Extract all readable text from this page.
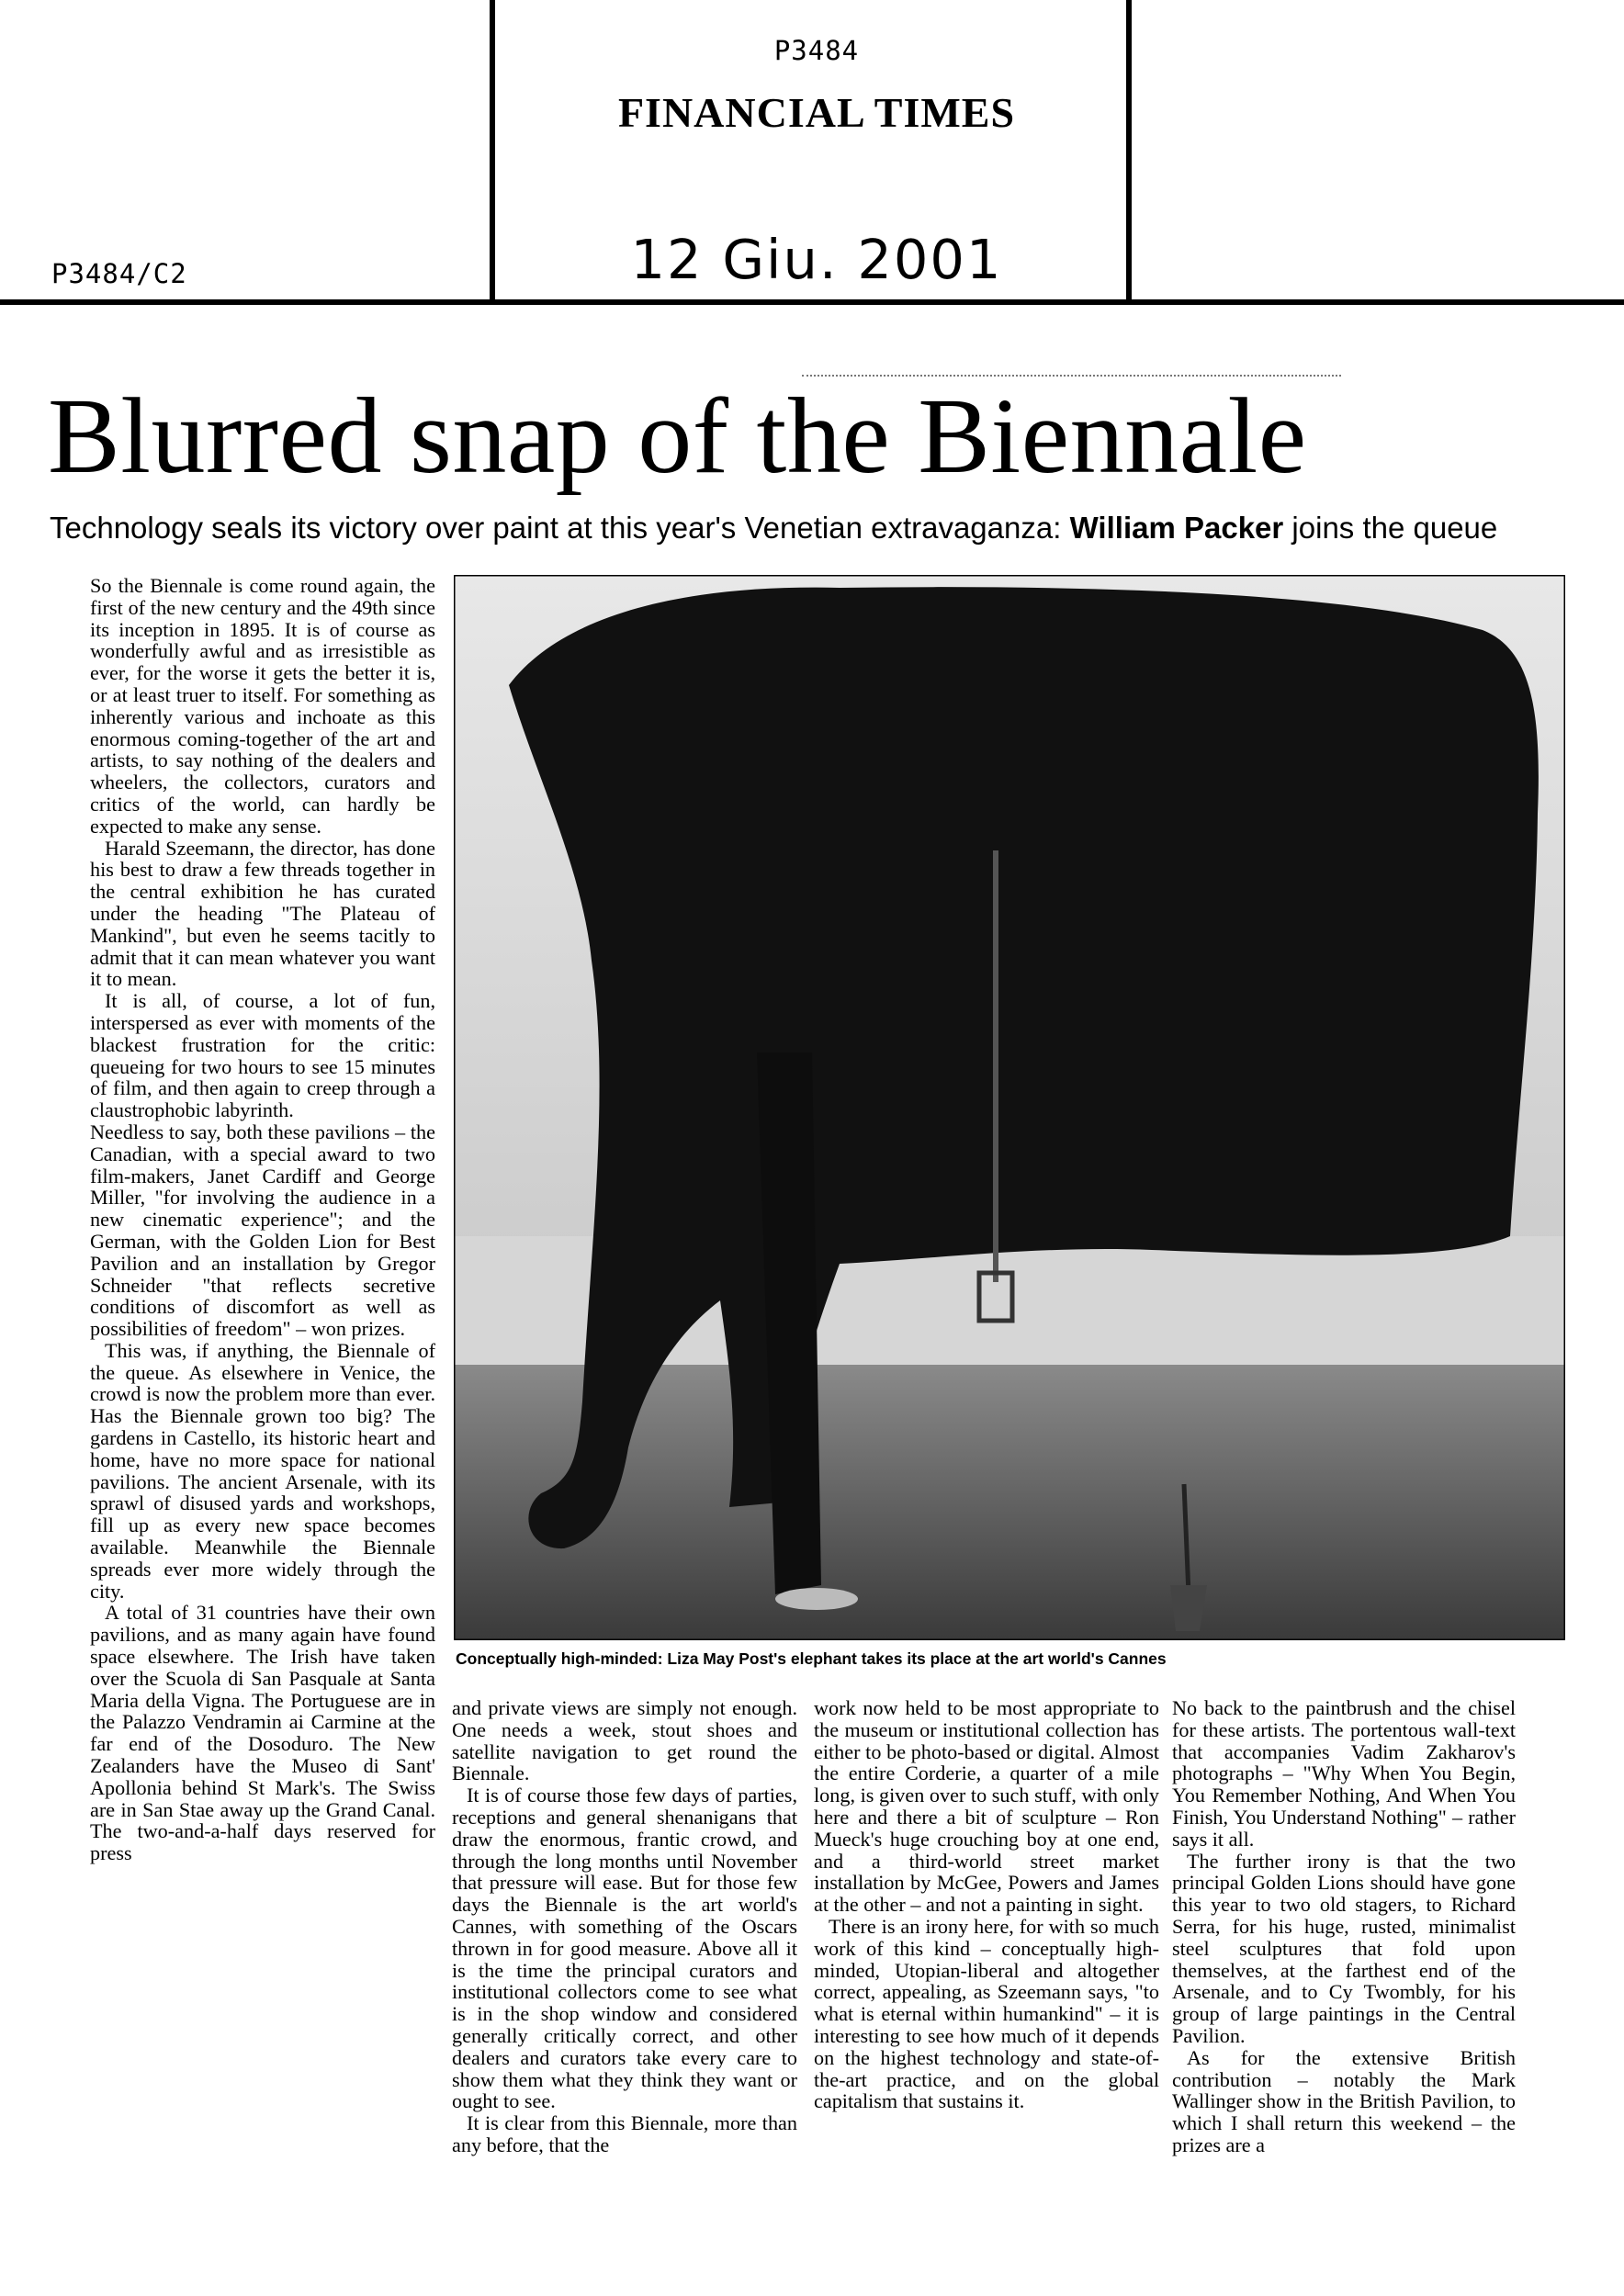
P3484
FINANCIAL TIMES
12 Giu. 2001
P3484/C2
Blurred snap of the Biennale
Technology seals its victory over paint at this year's Venetian extravaganza: William Packer joins the queue

So the Biennale is come round again, the first of the new century and the 49th since its inception in 1895. It is of course as wonderfully awful and as irresistible as ever, for the worse it gets the better it is, or at least truer to itself. For something as inherently various and inchoate as this enormous coming-together of the art and artists, to say nothing of the dealers and wheelers, the collectors, curators and critics of the world, can hardly be expected to make any sense.

Harald Szeemann, the director, has done his best to draw a few threads together in the central exhibition he has curated under the heading "The Plateau of Mankind", but even he seems tacitly to admit that it can mean whatever you want it to mean.

It is all, of course, a lot of fun, interspersed as ever with moments of the blackest frustration for the critic: queueing for two hours to see 15 minutes of film, and then again to creep through a claustrophobic labyrinth.

Needless to say, both these pavilions – the Canadian, with a special award to two film-makers, Janet Cardiff and George Miller, "for involving the audience in a new cinematic experience"; and the German, with the Golden Lion for Best Pavilion and an installation by Gregor Schneider "that reflects secretive conditions of discomfort as well as possibilities of freedom" – won prizes.

This was, if anything, the Biennale of the queue. As elsewhere in Venice, the crowd is now the problem more than ever. Has the Biennale grown too big? The gardens in Castello, its historic heart and home, have no more space for national pavilions. The ancient Arsenale, with its sprawl of disused yards and workshops, fill up as every new space becomes available. Meanwhile the Biennale spreads ever more widely through the city.

A total of 31 countries have their own pavilions, and as many again have found space elsewhere. The Irish have taken over the Scuola di San Pasquale at Santa Maria della Vigna. The Portuguese are in the Palazzo Vendramin ai Carmine at the far end of the Dosoduro. The New Zealanders have the Museo di Sant' Apollonia behind St Mark's. The Swiss are in San Stae away up the Grand Canal. The two-and-a-half days reserved for press

Conceptually high-minded: Liza May Post's elephant takes its place at the art world's Cannes

and private views are simply not enough. One needs a week, stout shoes and satellite navigation to get round the Biennale.

It is of course those few days of parties, receptions and general shenanigans that draw the enormous, frantic crowd, and through the long months until November that pressure will ease. But for those few days the Biennale is the art world's Cannes, with something of the Oscars thrown in for good measure. Above all it is the time the principal curators and institutional collectors come to see what is in the shop window and considered generally critically correct, and other dealers and curators take every care to show them what they think they want or ought to see.

It is clear from this Biennale, more than any before, that the

work now held to be most appropriate to the museum or institutional collection has either to be photo-based or digital. Almost the entire Corderie, a quarter of a mile long, is given over to such stuff, with only here and there a bit of sculpture – Ron Mueck's huge crouching boy at one end, and a third-world street market installation by McGee, Powers and James at the other – and not a painting in sight.

There is an irony here, for with so much work of this kind – conceptually high-minded, Utopian-liberal and altogether correct, appealing, as Szeemann says, "to what is eternal within humankind" – it is interesting to see how much of it depends on the highest technology and state-of-the-art practice, and on the global capitalism that sustains it.

No back to the paintbrush and the chisel for these artists. The portentous wall-text that accompanies Vadim Zakharov's photographs – "Why When You Begin, You Remember Nothing, And When You Finish, You Understand Nothing" – rather says it all.

The further irony is that the two principal Golden Lions should have gone this year to two old stagers, to Richard Serra, for his huge, rusted, minimalist steel sculptures that fold upon themselves, at the farthest end of the Arsenale, and to Cy Twombly, for his group of large paintings in the Central Pavilion.

As for the extensive British contribution – notably the Mark Wallinger show in the British Pavilion, to which I shall return this weekend – the prizes are a
